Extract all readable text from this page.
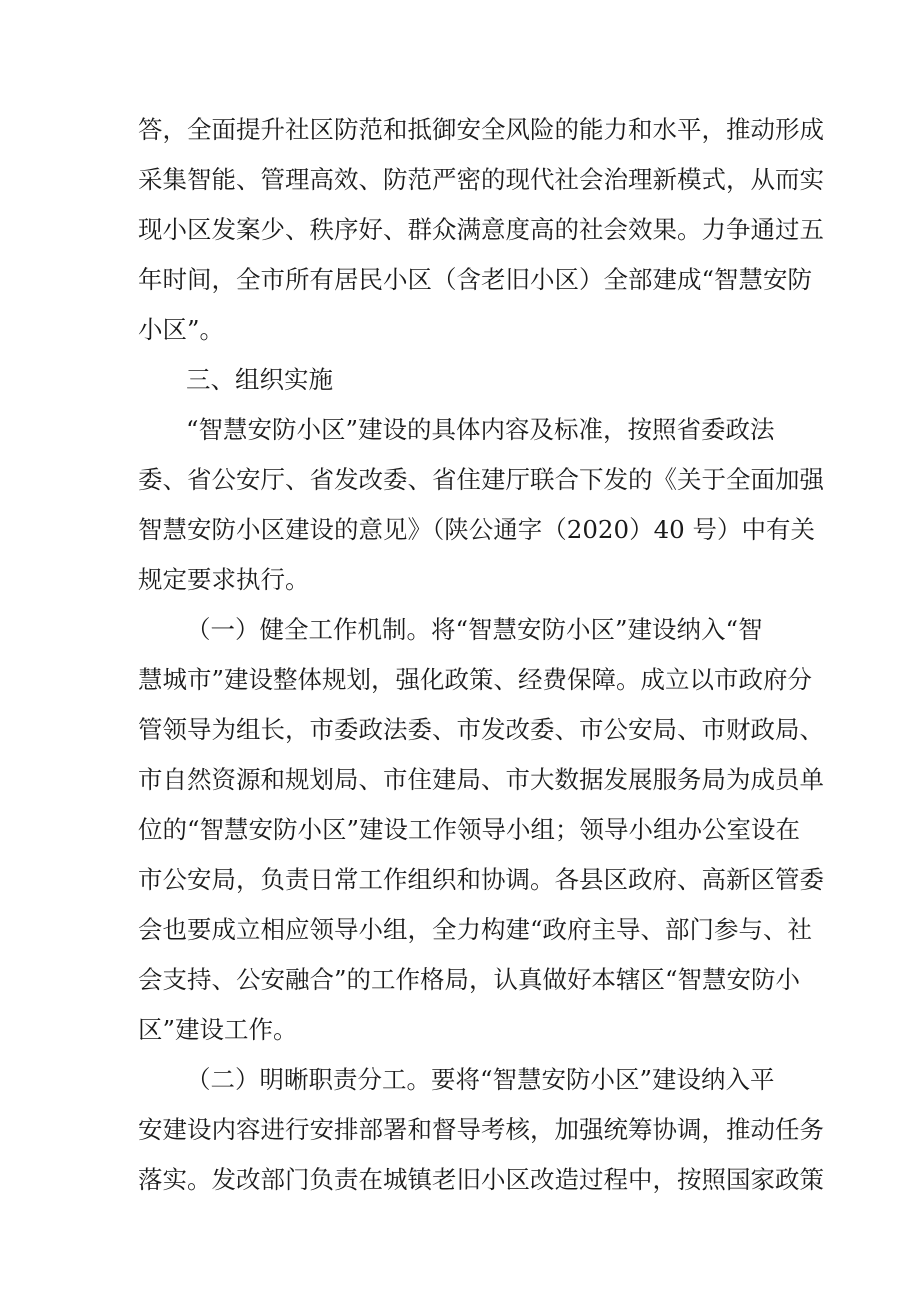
答，全面提升社区防范和抵御安全风险的能力和水平，推动形成
采集智能、管理高效、防范严密的现代社会治理新模式，从而实
现小区发案少、秩序好、群众满意度高的社会效果。力争通过五
年时间，全市所有居民小区（含老旧小区）全部建成“智慧安防
小区”。
三、组织实施
“智慧安防小区”建设的具体内容及标准，按照省委政法
委、省公安厅、省发改委、省住建厅联合下发的《关于全面加强
智慧安防小区建设的意见》（陕公通字（2020）40 号）中有关
规定要求执行。
（一）健全工作机制。将“智慧安防小区”建设纳入“智
慧城市”建设整体规划，强化政策、经费保障。成立以市政府分
管领导为组长，市委政法委、市发改委、市公安局、市财政局、
市自然资源和规划局、市住建局、市大数据发展服务局为成员单
位的“智慧安防小区”建设工作领导小组；领导小组办公室设在
市公安局，负责日常工作组织和协调。各县区政府、高新区管委
会也要成立相应领导小组，全力构建“政府主导、部门参与、社
会支持、公安融合”的工作格局，认真做好本辖区“智慧安防小
区”建设工作。
（二）明晰职责分工。要将“智慧安防小区”建设纳入平
安建设内容进行安排部署和督导考核，加强统筹协调，推动任务
落实。发改部门负责在城镇老旧小区改造过程中，按照国家政策
